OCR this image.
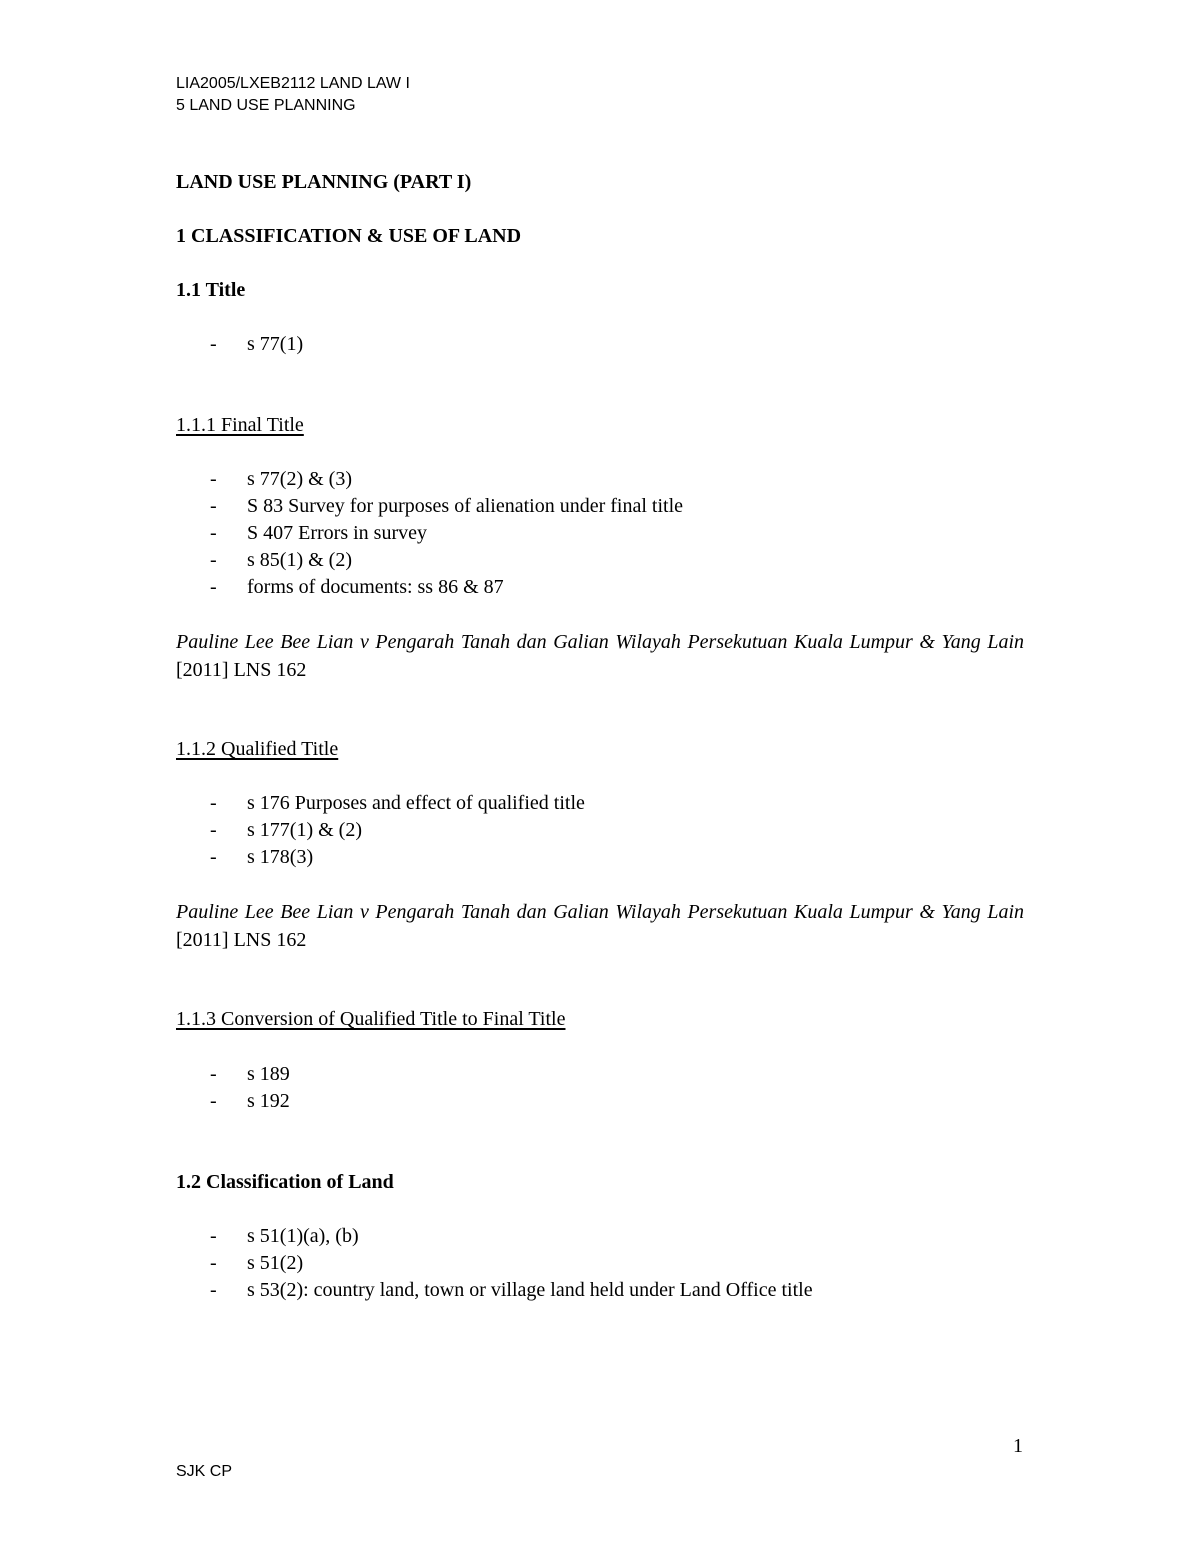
LIA2005/LXEB2112 LAND LAW I
5 LAND USE PLANNING
LAND USE PLANNING (PART I)
1 CLASSIFICATION & USE OF LAND
1.1 Title
- s 77(1)
1.1.1 Final Title
- s 77(2) & (3)
- S 83 Survey for purposes of alienation under final title
- S 407 Errors in survey
- s 85(1) & (2)
- forms of documents: ss 86 & 87
Pauline Lee Bee Lian v Pengarah Tanah dan Galian Wilayah Persekutuan Kuala Lumpur & Yang Lain [2011] LNS 162
1.1.2 Qualified Title
- s 176 Purposes and effect of qualified title
- s 177(1) & (2)
- s 178(3)
Pauline Lee Bee Lian v Pengarah Tanah dan Galian Wilayah Persekutuan Kuala Lumpur & Yang Lain [2011] LNS 162
1.1.3 Conversion of Qualified Title to Final Title
- s 189
- s 192
1.2 Classification of Land
- s 51(1)(a), (b)
- s 51(2)
- s 53(2): country land, town or village land held under Land Office title
1
SJK CP
